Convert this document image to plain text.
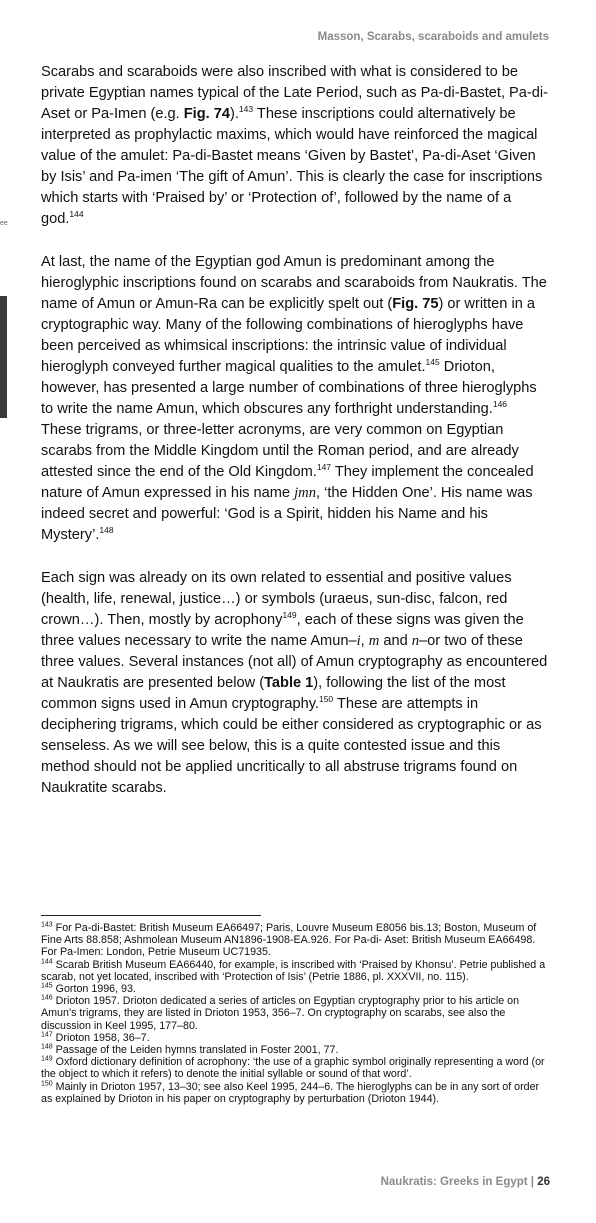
Masson, Scarabs, scaraboids and amulets
ee

Scarabs and scaraboids were also inscribed with what is considered to be private Egyptian names typical of the Late Period, such as Pa-di-Bastet, Pa-di-Aset or Pa-Imen (e.g. Fig. 74).$^{143}$ These inscriptions could alternatively be interpreted as prophylactic maxims, which would have reinforced the magical value of the amulet: Pa-di-Bastet means ‘Given by Bastet’, Pa-di-Aset ‘Given by Isis’ and Pa-imen ‘The gift of Amun’. This is clearly the case for inscriptions which starts with ‘Praised by’ or ‘Protection of’, followed by the name of a god.$^{144}$

At last, the name of the Egyptian god Amun is predominant among the hieroglyphic inscriptions found on scarabs and scaraboids from Naukratis. The name of Amun or Amun-Ra can be explicitly spelt out (Fig. 75) or written in a cryptographic way. Many of the following combinations of hieroglyphs have been perceived as whimsical inscriptions: the intrinsic value of individual hieroglyph conveyed further magical qualities to the amulet.$^{145}$ Drioton, however, has presented a large number of combinations of three hieroglyphs to write the name Amun, which obscures any forthright understanding.$^{146}$ These trigrams, or three-letter acronyms, are very common on Egyptian scarabs from the Middle Kingdom until the Roman period, and are already attested since the end of the Old Kingdom.$^{147}$ They implement the concealed nature of Amun expressed in his name jmn, ‘the Hidden One’. His name was indeed secret and powerful: ‘God is a Spirit, hidden his Name and his Mystery’.$^{148}$

Each sign was already on its own related to essential and positive values (health, life, renewal, justice…) or symbols (uraeus, sun-disc, falcon, red crown…). Then, mostly by acrophony$^{149}$, each of these signs was given the three values necessary to write the name Amun–i, m and n–or two of these three values. Several instances (not all) of Amun cryptography as encountered at Naukratis are presented below (Table 1), following the list of the most common signs used in Amun cryptography.$^{150}$ These are attempts in deciphering trigrams, which could be either considered as cryptographic or as senseless. As we will see below, this is a quite contested issue and this method should not be applied uncritically to all abstruse trigrams found on Naukratite scarabs.

$^{143}$ For Pa-di-Bastet: British Museum EA66497; Paris, Louvre Museum E8056 bis.13; Boston, Museum of Fine Arts 88.858; Ashmolean Museum AN1896-1908-EA.926. For Pa-di- Aset: British Museum EA66498. For Pa-Imen: London, Petrie Museum UC71935.

$^{144}$ Scarab British Museum EA66440, for example, is inscribed with ‘Praised by Khonsu’. Petrie published a scarab, not yet located, inscribed with ‘Protection of Isis’ (Petrie 1886, pl. XXXVII, no. 115).

$^{145}$ Gorton 1996, 93.

$^{146}$ Drioton 1957. Drioton dedicated a series of articles on Egyptian cryptography prior to his article on Amun’s trigrams, they are listed in Drioton 1953, 356–7. On cryptography on scarabs, see also the discussion in Keel 1995, 177–80.

$^{147}$ Drioton 1958, 36–7.

$^{148}$ Passage of the Leiden hymns translated in Foster 2001, 77.

$^{149}$ Oxford dictionary definition of acrophony: ‘the use of a graphic symbol originally representing a word (or the object to which it refers) to denote the initial syllable or sound of that word’.

$^{150}$ Mainly in Drioton 1957, 13–30; see also Keel 1995, 244–6. The hieroglyphs can be in any sort of order as explained by Drioton in his paper on cryptography by perturbation (Drioton 1944).

Naukratis: Greeks in Egypt | 26
